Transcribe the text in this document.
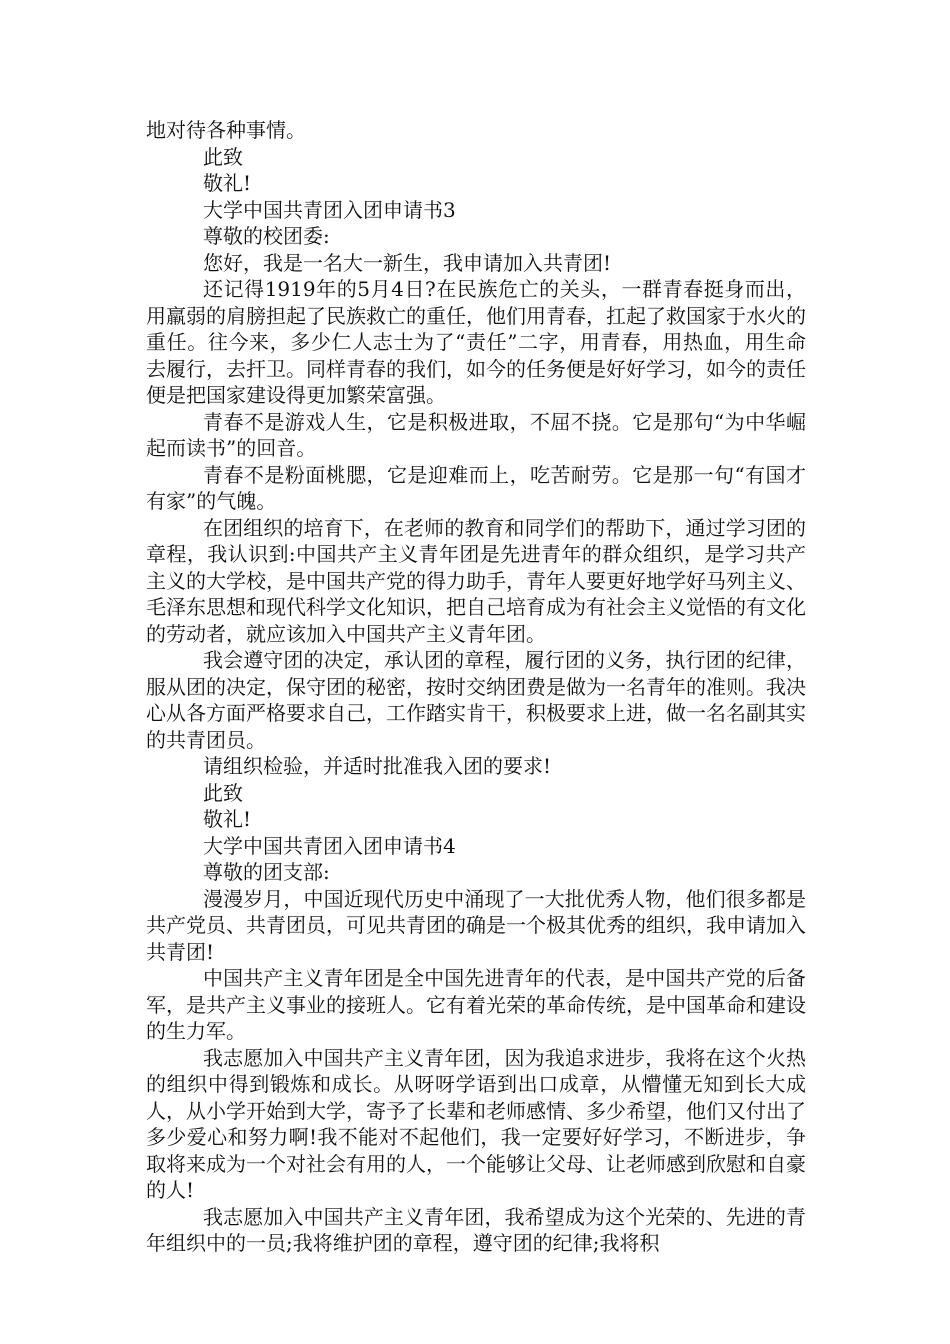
地对待各种事情。

此致

敬礼!

大学中国共青团入团申请书3

尊敬的校团委:

您好，我是一名大一新生，我申请加入共青团!

还记得1919年的5月4日?在民族危亡的关头，一群青春挺身而出，用羸弱的肩膀担起了民族救亡的重任，他们用青春，扛起了救国家于水火的重任。往今来，多少仁人志士为了“责任”二字，用青春，用热血，用生命去履行，去扞卫。同样青春的我们，如今的任务便是好好学习，如今的责任便是把国家建设得更加繁荣富强。

青春不是游戏人生，它是积极进取，不屈不挠。它是那句“为中华崛起而读书”的回音。

青春不是粉面桃腮，它是迎难而上，吃苦耐劳。它是那一句“有国才有家”的气魄。

在团组织的培育下，在老师的教育和同学们的帮助下，通过学习团的章程，我认识到:中国共产主义青年团是先进青年的群众组织，是学习共产主义的大学校，是中国共产党的得力助手，青年人要更好地学好马列主义、毛泽东思想和现代科学文化知识，把自己培育成为有社会主义觉悟的有文化的劳动者，就应该加入中国共产主义青年团。

我会遵守团的决定，承认团的章程，履行团的义务，执行团的纪律，服从团的决定，保守团的秘密，按时交纳团费是做为一名青年的准则。我决心从各方面严格要求自己，工作踏实肯干，积极要求上进，做一名名副其实的共青团员。

请组织检验，并适时批准我入团的要求!

此致

敬礼!

大学中国共青团入团申请书4

尊敬的团支部:

漫漫岁月，中国近现代历史中涌现了一大批优秀人物，他们很多都是共产党员、共青团员，可见共青团的确是一个极其优秀的组织，我申请加入共青团!

中国共产主义青年团是全中国先进青年的代表，是中国共产党的后备军，是共产主义事业的接班人。它有着光荣的革命传统，是中国革命和建设的生力军。

我志愿加入中国共产主义青年团，因为我追求进步，我将在这个火热的组织中得到锻炼和成长。从呀呀学语到出口成章，从懵懂无知到长大成人，从小学开始到大学，寄予了长辈和老师感情、多少希望，他们又付出了多少爱心和努力啊!我不能对不起他们，我一定要好好学习，不断进步，争取将来成为一个对社会有用的人，一个能够让父母、让老师感到欣慰和自豪的人!

我志愿加入中国共产主义青年团，我希望成为这个光荣的、先进的青年组织中的一员;我将维护团的章程，遵守团的纪律;我将积
